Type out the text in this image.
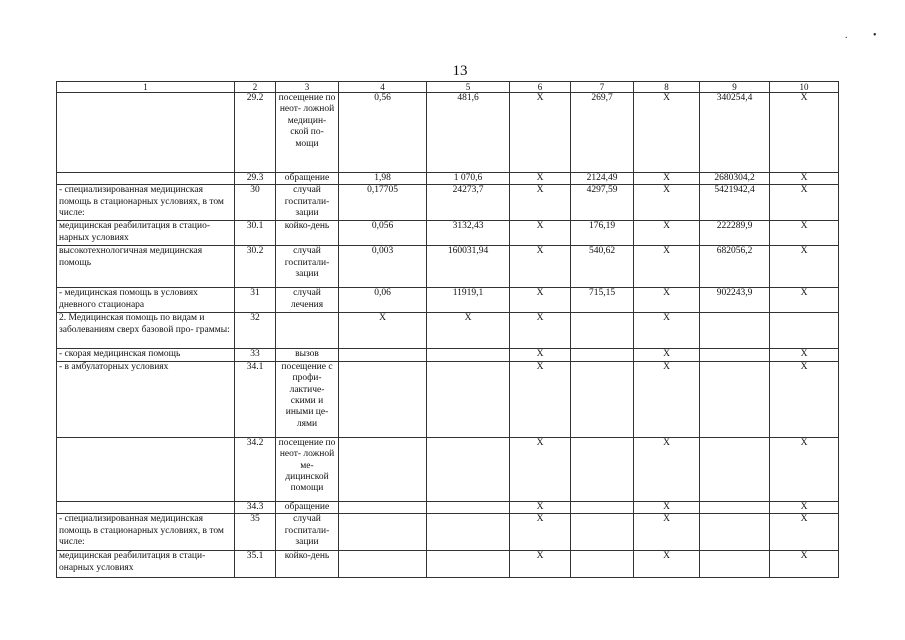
13
.	•
1	2	3	4	5	6	7	8	9	10
	29.2	посещение по неот- ложной медицин- ской по- мощи	0,56	481,6	X	269,7	X	340254,4	X
	29.3	обращение	1,98	1 070,6	X	2124,49	X	2680304,2	X
- специализированная медицинская помощь в стационарных условиях, в том числе:	30	случай госпитали- зации	0,17705	24273,7	X	4297,59	X	5421942,4	X
медицинская реабилитация в стацио- нарных условиях	30.1	койко-день	0,056	3132,43	X	176,19	X	222289,9	X
высокотехнологичная медицинская помощь	30.2	случай госпитали- зации	0,003	160031,94	X	540,62	X	682056,2	X
- медицинская помощь в условиях дневного стационара	31	случай лечения	0,06	11919,1	X	715,15	X	902243,9	X
2. Медицинская помощь по видам и заболеваниям сверх базовой про- граммы:	32		X	X	X		X		
- скорая медицинская помощь	33	вызов			X		X		X
- в амбулаторных условиях	34.1	посещение с профи- лактиче- скими и иными це- лями			X		X		X
	34.2	посещение по неот- ложной ме- дицинской помощи			X		X		X
	34.3	обращение			X		X		X
- специализированная медицинская помощь в стационарных условиях, в том числе:	35	случай госпитали- зации			X		X		X
медицинская реабилитация в стаци- онарных условиях	35.1	койко-день			X		X		X
